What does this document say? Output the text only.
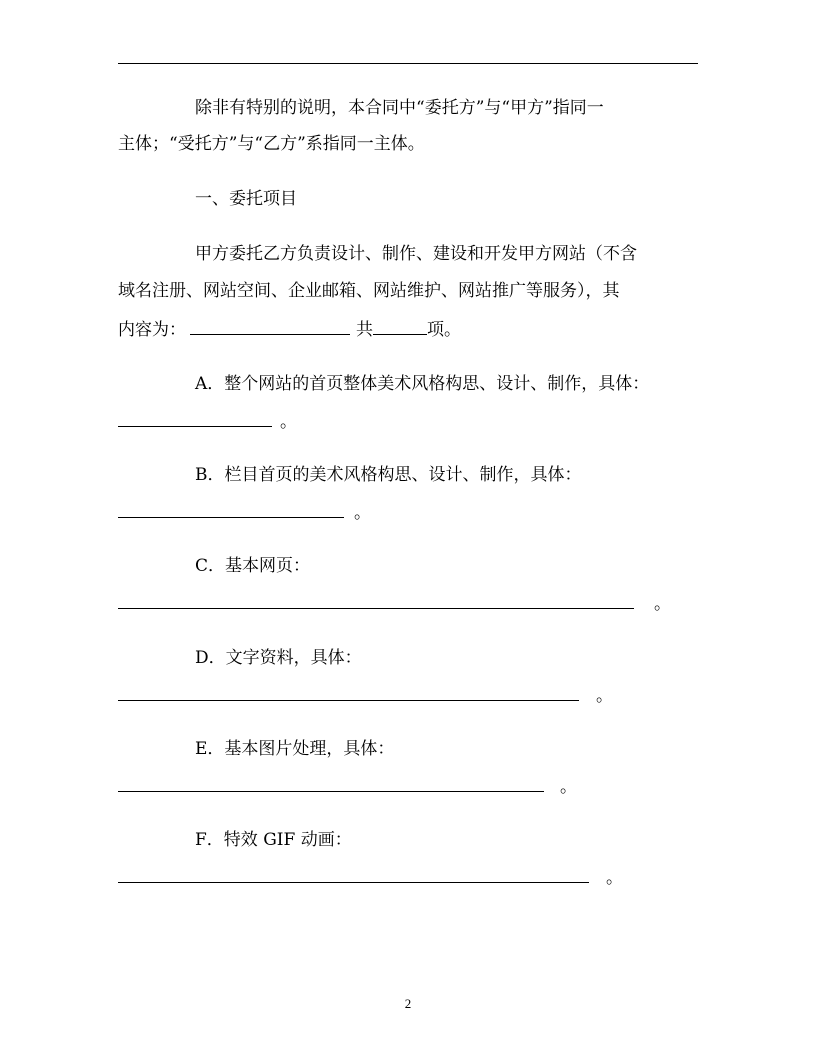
除非有特别的说明，本合同中“委托方”与“甲方”指同一
主体；“受托方”与“乙方”系指同一主体。
一、委托项目
甲方委托乙方负责设计、制作、建设和开发甲方网站（不含
域名注册、网站空间、企业邮箱、网站维护、网站推广等服务），其
内容为：	共	项。
A．整个网站的首页整体美术风格构思、设计、制作，具体：
。
B．栏目首页的美术风格构思、设计、制作，具体：
。
C．基本网页：
。
D．文字资料，具体：
。
E．基本图片处理，具体：
。
F．特效 GIF 动画：
。
2
